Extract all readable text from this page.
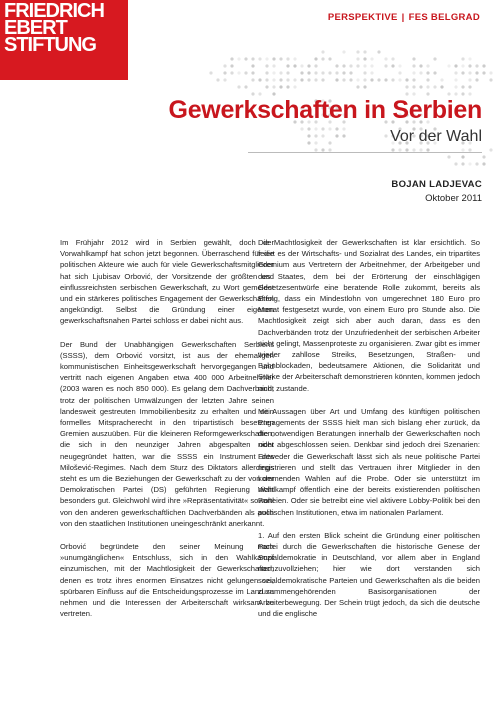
FRIEDRICH
EBERT
STIFTUNG
PERSPEKTIVE | FES BELGRAD
Gewerkschaften in Serbien
Vor der Wahl
BOJAN LADJEVAC
Oktober 2011

Im Frühjahr 2012 wird in Serbien gewählt, doch der Vorwahlkampf hat schon jetzt begonnen. Überraschend für die politischen Akteure wie auch für viele Gewerkschaftsmitglieder hat sich Ljubisav Orbović, der Vorsitzende der größten und einflussreichsten serbischen Gewerkschaft, zu Wort gemeldet und ein stärkeres politisches Engagement der Gewerkschaften angekündigt. Selbst die Gründung einer eigenen gewerkschaftsnahen Partei schloss er dabei nicht aus.

Der Bund der Unabhängigen Gewerkschaften Serbiens (SSSS), dem Orbović vorsitzt, ist aus der ehemaligen kommunistischen Einheitsgewerkschaft hervorgegangen und vertritt nach eigenen Angaben etwa 400 000 Arbeitnehmer (2003 waren es noch 850 000). Es gelang dem Dachverband, trotz der politischen Umwälzungen der letzten Jahre seinen landesweit gestreuten Immobilienbesitz zu erhalten und sein formelles Mitspracherecht in den tripartistisch besetzten Gremien auszuüben. Für die kleineren Reformgewerkschaften, die sich in den neunziger Jahren abgespalten oder neugegründet hatten, war die SSSS ein Instrument des Milošević-Regimes. Nach dem Sturz des Diktators allerdings steht es um die Beziehungen der Gewerkschaft zu der von der Demokratischen Partei (DS) geführten Regierung nicht besonders gut. Gleichwohl wird ihre »Repräsentativität« sowohl von den anderen gewerkschaftlichen Dachverbänden als auch von den staatlichen Institutionen uneingeschränkt anerkannt.

Orbović begründete den seiner Meinung nach »unumgänglichen« Entschluss, sich in den Wahlkampf einzumischen, mit der Machtlosigkeit der Gewerkschaften, denen es trotz ihres enormen Einsatzes nicht gelungen sei, spürbaren Einfluss auf die Entscheidungsprozesse im Land zu nehmen und die Interessen der Arbeiterschaft wirksam zu vertreten.

Die Machtlosigkeit der Gewerkschaften ist klar ersichtlich. So feiert es der Wirtschafts- und Sozialrat des Landes, ein tripartites Gremium aus Vertretern der Arbeitnehmer, der Arbeitgeber und des Staates, dem bei der Erörterung der einschlägigen Gesetzesentwürfe eine beratende Rolle zukommt, bereits als Erfolg, dass ein Mindestlohn von umgerechnet 180 Euro pro Monat festgesetzt wurde, von einem Euro pro Stunde also. Die Machtlosigkeit zeigt sich aber auch daran, dass es den Dachverbänden trotz der Unzufriedenheit der serbischen Arbeiter nicht gelingt, Massenproteste zu organisieren. Zwar gibt es immer wieder zahllose Streiks, Besetzungen, Straßen- und Bahnblockaden, bedeutsamere Aktionen, die Solidarität und Stärke der Arbeiterschaft demonstrieren könnten, kommen jedoch nicht zustande.

Mit Aussagen über Art und Umfang des künftigen politischen Engagements der SSSS hielt man sich bislang eher zurück, da die notwendigen Beratungen innerhalb der Gewerkschaften noch nicht abgeschlossen seien. Denkbar sind jedoch drei Szenarien: Entweder die Gewerkschaft lässt sich als neue politische Partei registrieren und stellt das Vertrauen ihrer Mitglieder in den kommenden Wahlen auf die Probe. Oder sie unterstützt im Wahlkampf öffentlich eine der bereits existierenden politischen Parteien. Oder sie betreibt eine viel aktivere Lobby-Politik bei den politischen Institutionen, etwa im nationalen Parlament.

1. Auf den ersten Blick scheint die Gründung einer politischen Partei durch die Gewerkschaften die historische Genese der Sozialdemokratie in Deutschland, vor allem aber in England nachzuvollziehen; hier wie dort verstanden sich sozialdemokratische Parteien und Gewerkschaften als die beiden zusammengehörenden Basisorganisationen der Arbeiterbewegung. Der Schein trügt jedoch, da sich die deutsche und die englische
